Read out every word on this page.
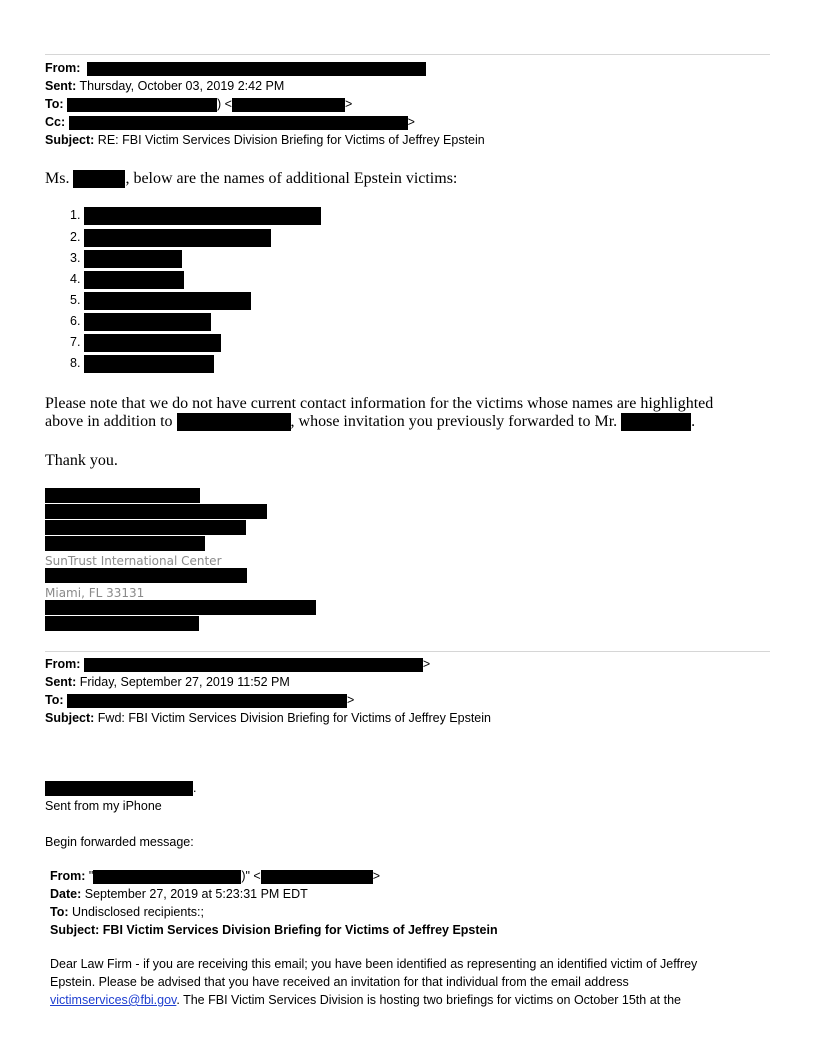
From:
Sent: Thursday, October 03, 2019 2:42 PM
To:	) <	>
Cc:	>
Subject: RE: FBI Victim Services Division Briefing for Victims of Jeffrey Epstein
Ms.	, below are the names of additional Epstein victims:
1.
2.
3.
4.
5.
6.
7.
8.
Please note that we do not have current contact information for the victims whose names are highlighted
above in addition to	, whose invitation you previously forwarded to Mr.	.
Thank you.
SunTrust International Center
Miami, FL 33131
From:	>
Sent: Friday, September 27, 2019 11:52 PM
To:	>
Subject: Fwd: FBI Victim Services Division Briefing for Victims of Jeffrey Epstein
.
Sent from my iPhone
Begin forwarded message:
From: "	)" <	>
Date: September 27, 2019 at 5:23:31 PM EDT
To: Undisclosed recipients:;
Subject: FBI Victim Services Division Briefing for Victims of Jeffrey Epstein
Dear Law Firm - if you are receiving this email; you have been identified as representing an identified victim of Jeffrey
Epstein. Please be advised that you have received an invitation for that individual from the email address
victimservices@fbi.gov. The FBI Victim Services Division is hosting two briefings for victims on October 15th at the
